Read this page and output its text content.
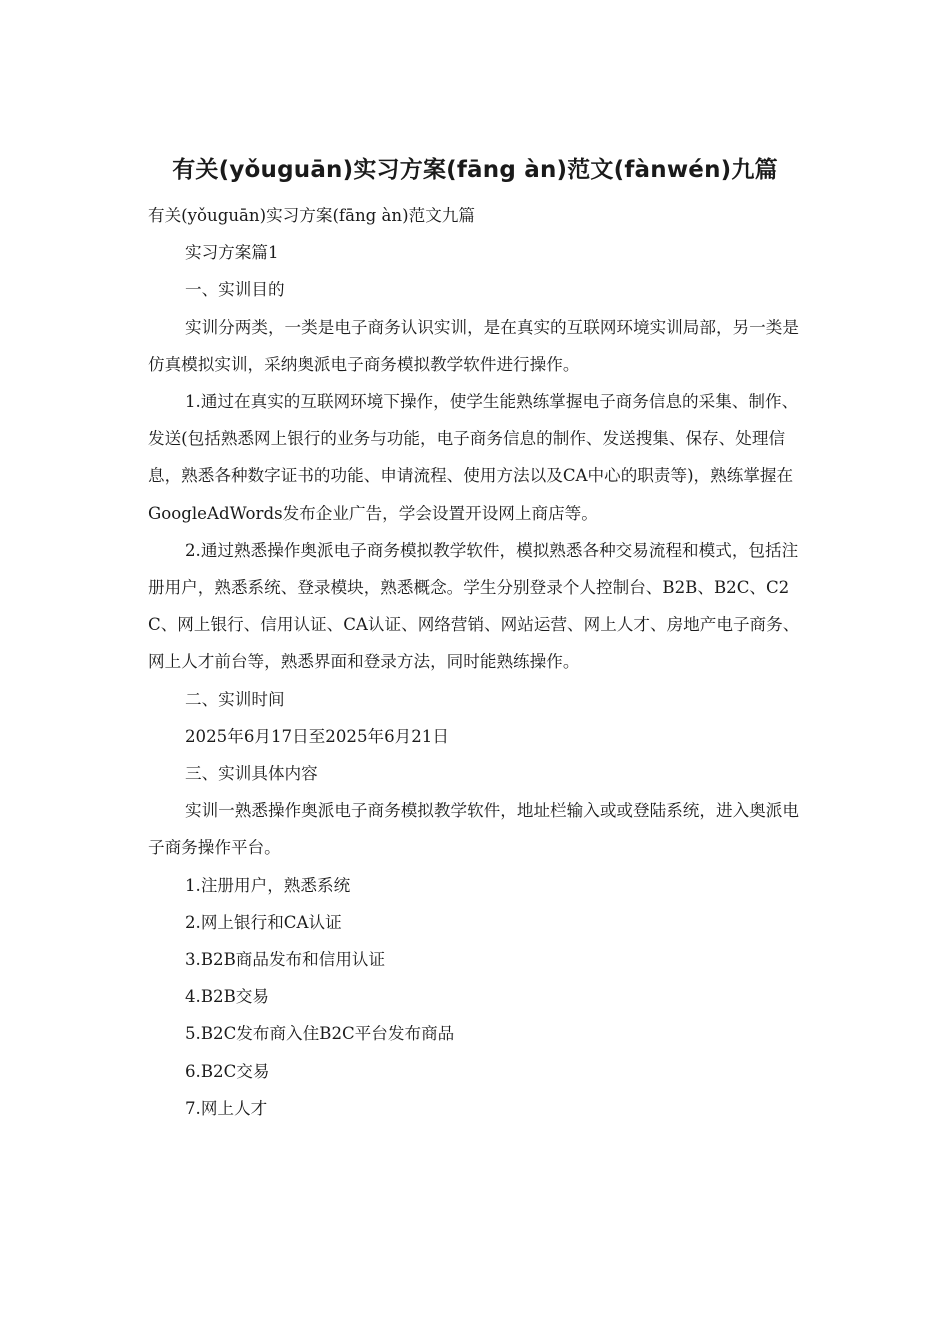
有关(yǒuguān)实习方案(fāng àn)范文(fànwén)九篇

有关(yǒuguān)实习方案(fāng àn)范文九篇

实习方案篇1

一、实训目的

实训分两类，一类是电子商务认识实训，是在真实的互联网环境实训局部，另一类是仿真模拟实训，采纳奥派电子商务模拟教学软件进行操作。

1.通过在真实的互联网环境下操作，使学生能熟练掌握电子商务信息的采集、制作、发送(包括熟悉网上银行的业务与功能，电子商务信息的制作、发送搜集、保存、处理信息，熟悉各种数字证书的功能、申请流程、使用方法以及CA中心的职责等)，熟练掌握在GoogleAdWords发布企业广告，学会设置开设网上商店等。

2.通过熟悉操作奥派电子商务模拟教学软件，模拟熟悉各种交易流程和模式，包括注册用户，熟悉系统、登录模块，熟悉概念。学生分别登录个人控制台、B2B、B2C、C2C、网上银行、信用认证、CA认证、网络营销、网站运营、网上人才、房地产电子商务、网上人才前台等，熟悉界面和登录方法，同时能熟练操作。

二、实训时间

2025年6月17日至2025年6月21日

三、实训具体内容

实训一熟悉操作奥派电子商务模拟教学软件，地址栏输入或或登陆系统，进入奥派电子商务操作平台。

1.注册用户，熟悉系统

2.网上银行和CA认证

3.B2B商品发布和信用认证

4.B2B交易

5.B2C发布商入住B2C平台发布商品

6.B2C交易

7.网上人才
